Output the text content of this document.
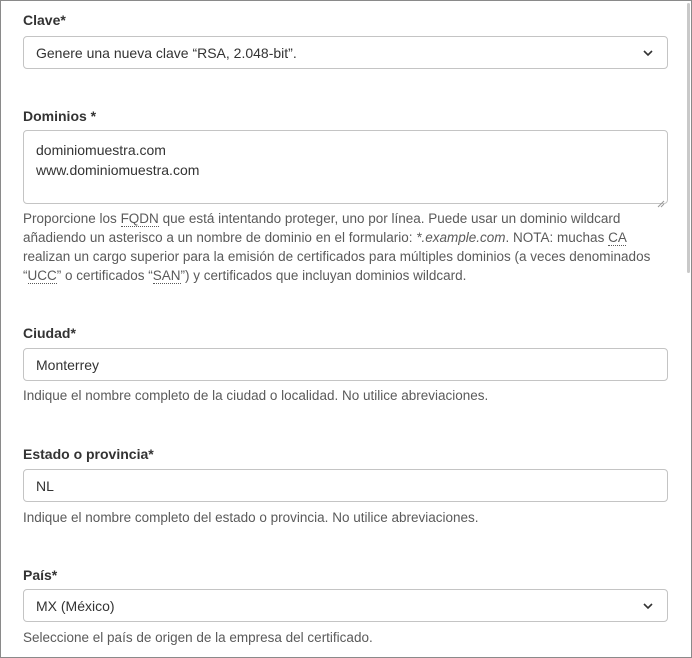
Clave*
Genere una nueva clave “RSA, 2.048-bit”.
Dominios *
dominiomuestra.com
www.dominiomuestra.com
Proporcione los FQDN que está intentando proteger, uno por línea. Puede usar un dominio wildcard añadiendo un asterisco a un nombre de dominio en el formulario: *.example.com. NOTA: muchas CA realizan un cargo superior para la emisión de certificados para múltiples dominios (a veces denominados “UCC” o certificados “SAN”) y certificados que incluyan dominios wildcard.
Ciudad*
Monterrey
Indique el nombre completo de la ciudad o localidad. No utilice abreviaciones.
Estado o provincia*
NL
Indique el nombre completo del estado o provincia. No utilice abreviaciones.
País*
MX (México)
Seleccione el país de origen de la empresa del certificado.
